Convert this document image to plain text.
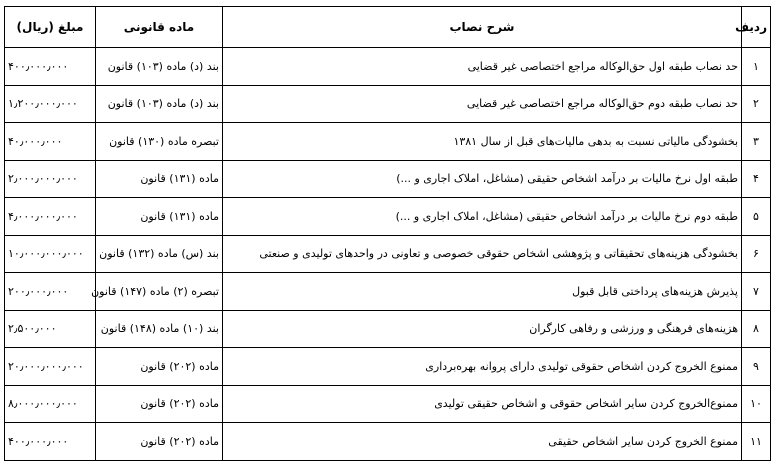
ردیف	شرح نصاب	ماده قانونی	مبلغ (ریال)
۱	حد نصاب طبقه اول حق‌الوکاله مراجع اختصاصی غیر قضایی	بند (د) ماده (۱۰۳) قانون	۴۰۰٫۰۰۰٫۰۰۰
۲	حد نصاب طبقه دوم حق‌الوکاله مراجع اختصاصی غیر قضایی	بند (د) ماده (۱۰۳) قانون	۱٫۲۰۰٫۰۰۰٫۰۰۰
۳	بخشودگی مالیاتی نسبت به بدهی مالیات‌های قبل از سال ۱۳۸۱	تبصره ماده (۱۳۰) قانون	۴۰٫۰۰۰٫۰۰۰
۴	طبقه اول نرخ مالیات بر درآمد اشخاص حقیقی (مشاغل، املاک اجاری و ...)	ماده (۱۳۱) قانون	۲٫۰۰۰٫۰۰۰٫۰۰۰
۵	طبقه دوم نرخ مالیات بر درآمد اشخاص حقیقی (مشاغل، املاک اجاری و ...)	ماده (۱۳۱) قانون	۴٫۰۰۰٫۰۰۰٫۰۰۰
۶	بخشودگی هزینه‌های تحقیقاتی و پژوهشی اشخاص حقوقی خصوصی و تعاونی در واحدهای تولیدی و صنعتی	بند (س) ماده (۱۳۲) قانون	۱۰٫۰۰۰٫۰۰۰٫۰۰۰
۷	پذیرش هزینه‌های پرداختی قابل قبول	تبصره (۲) ماده (۱۴۷) قانون	۲۰۰٫۰۰۰٫۰۰۰
۸	هزینه‌های فرهنگی و ورزشی و رفاهی کارگران	بند (۱۰) ماده (۱۴۸) قانون	۲٫۵۰۰٫۰۰۰
۹	ممنوع الخروج کردن اشخاص حقوقی تولیدی دارای پروانه بهره‌برداری	ماده (۲۰۲) قانون	۲۰٫۰۰۰٫۰۰۰٫۰۰۰
۱۰	ممنوع‌الخروج کردن سایر اشخاص حقوقی و اشخاص حقیقی تولیدی	ماده (۲۰۲) قانون	۸٫۰۰۰٫۰۰۰٫۰۰۰
۱۱	ممنوع الخروج کردن سایر اشخاص حقیقی	ماده (۲۰۲) قانون	۴۰۰٫۰۰۰٫۰۰۰
